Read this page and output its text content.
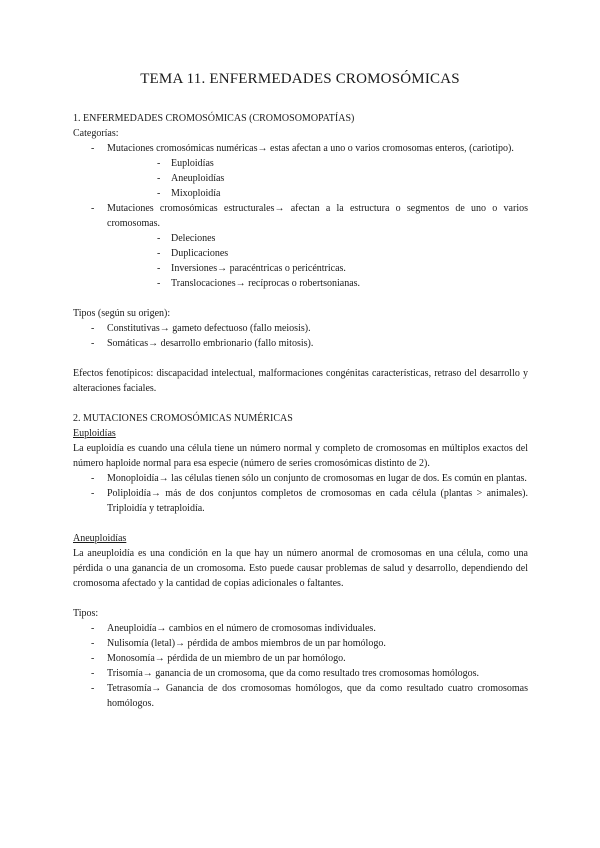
TEMA 11. ENFERMEDADES CROMOSÓMICAS

1. ENFERMEDADES CROMOSÓMICAS (CROMOSOMOPATÍAS)

Categorías:

- Mutaciones cromosómicas numéricas→ estas afectan a uno o varios cromosomas enteros, (cariotipo).
- Euploidías
- Aneuploidías
- Mixoploidía
- Mutaciones cromosómicas estructurales→ afectan a la estructura o segmentos de uno o varios cromosomas.
- Deleciones
- Duplicaciones
- Inversiones→ paracéntricas o pericéntricas.
- Translocaciones→ recíprocas o robertsonianas.

Tipos (según su origen):

- Constitutivas→ gameto defectuoso (fallo meiosis).
- Somáticas→ desarrollo embrionario (fallo mitosis).

Efectos fenotípicos: discapacidad intelectual, malformaciones congénitas características, retraso del desarrollo y alteraciones faciales.

2. MUTACIONES CROMOSÓMICAS NUMÉRICAS

Euploidías

La euploidía es cuando una célula tiene un número normal y completo de cromosomas en múltiplos exactos del número haploide normal para esa especie (número de series cromosómicas distinto de 2).

- Monoploidía→ las células tienen sólo un conjunto de cromosomas en lugar de dos. Es común en plantas.
- Poliploidía→ más de dos conjuntos completos de cromosomas en cada célula (plantas > animales). Triploidía y tetraploidía.

Aneuploidías

La aneuploidía es una condición en la que hay un número anormal de cromosomas en una célula, como una pérdida o una ganancia de un cromosoma. Esto puede causar problemas de salud y desarrollo, dependiendo del cromosoma afectado y la cantidad de copias adicionales o faltantes.

Tipos:

- Aneuploidía→ cambios en el número de cromosomas individuales.
- Nulisomía (letal)→ pérdida de ambos miembros de un par homólogo.
- Monosomía→ pérdida de un miembro de un par homólogo.
- Trisomía→ ganancia de un cromosoma, que da como resultado tres cromosomas homólogos.
- Tetrasomía→ Ganancia de dos cromosomas homólogos, que da como resultado cuatro cromosomas homólogos.
